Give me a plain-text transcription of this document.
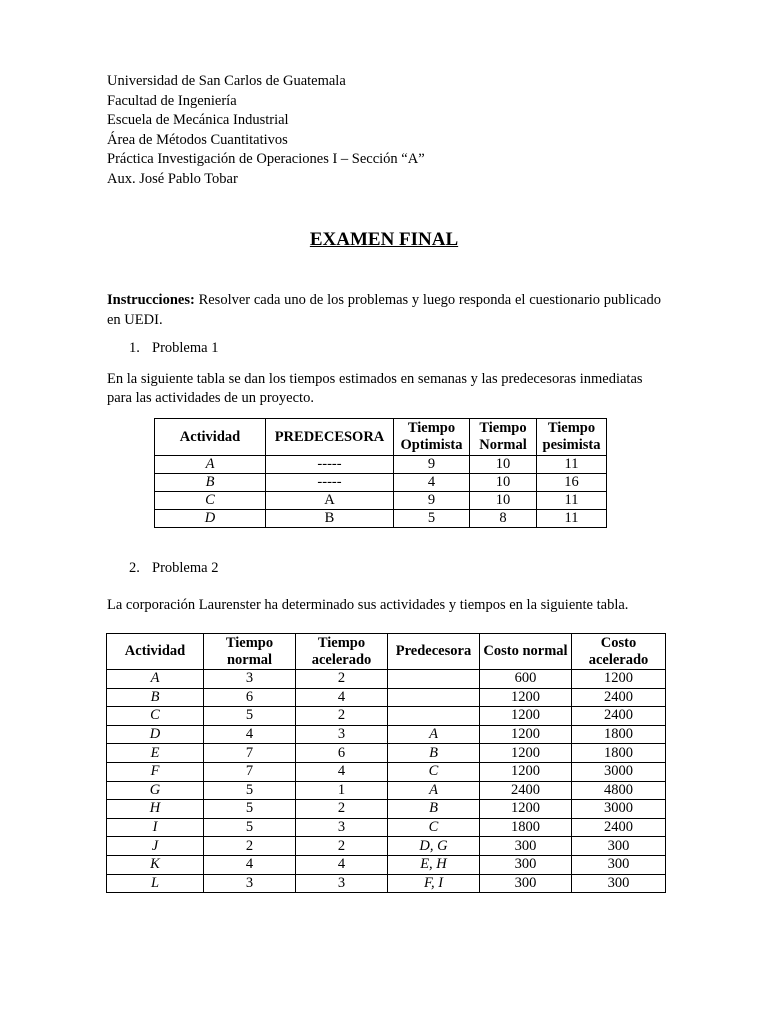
Universidad de San Carlos de Guatemala
Facultad de Ingeniería
Escuela de Mecánica Industrial
Área de Métodos Cuantitativos
Práctica Investigación de Operaciones I – Sección “A”
Aux. José Pablo Tobar
EXAMEN FINAL
Instrucciones: Resolver cada uno de los problemas y luego responda el cuestionario publicado en UEDI.
1. Problema 1
En la siguiente tabla se dan los tiempos estimados en semanas y las predecesoras inmediatas para las actividades de un proyecto.
Actividad	PREDECESORA	Tiempo Optimista	Tiempo Normal	Tiempo pesimista
A	-----	9	10	11
B	-----	4	10	16
C	A	9	10	11
D	B	5	8	11
2. Problema 2
La corporación Laurenster ha determinado sus actividades y tiempos en la siguiente tabla.
Actividad	Tiempo normal	Tiempo acelerado	Predecesora	Costo normal	Costo acelerado
A	3	2		600	1200
B	6	4		1200	2400
C	5	2		1200	2400
D	4	3	A	1200	1800
E	7	6	B	1200	1800
F	7	4	C	1200	3000
G	5	1	A	2400	4800
H	5	2	B	1200	3000
I	5	3	C	1800	2400
J	2	2	D, G	300	300
K	4	4	E, H	300	300
L	3	3	F, I	300	300
